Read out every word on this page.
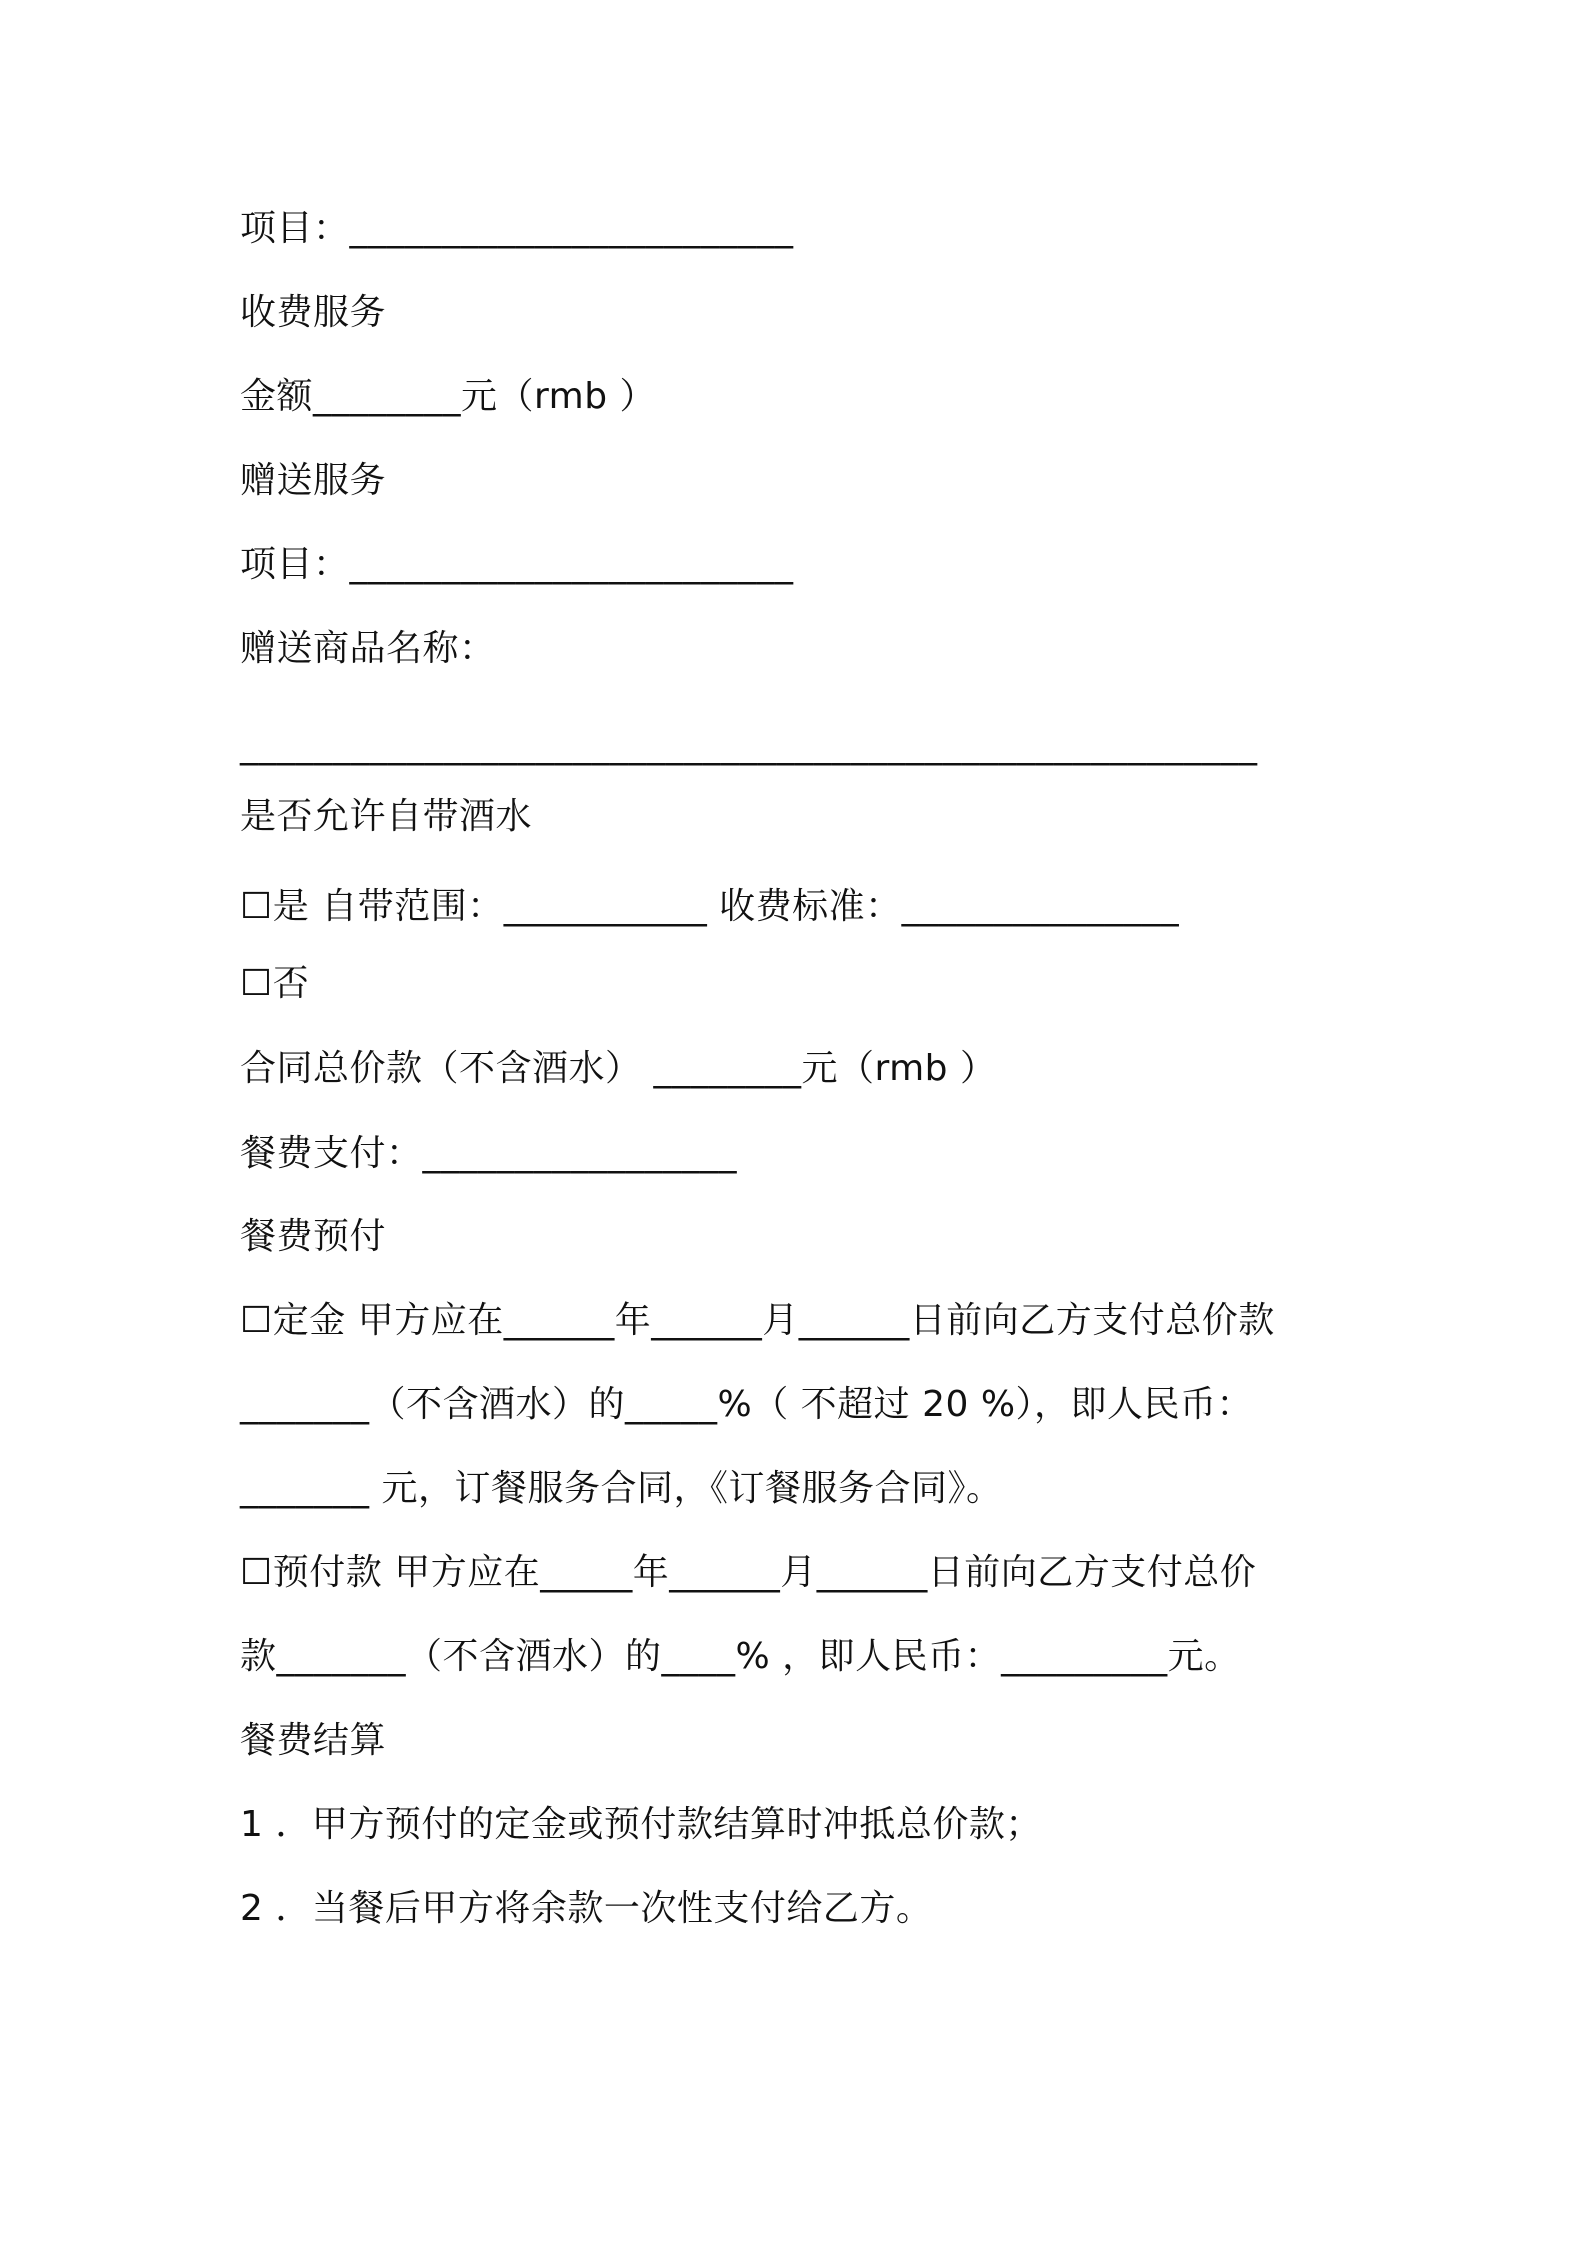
项目：________________________
收费服务
金额________元（rmb ）
赠送服务
项目：________________________
赠送商品名称：
_______________________________________________________
是否允许自带酒水
☐是 自带范围：___________ 收费标准：_______________
☐否
合同总价款（不含酒水） ________元（rmb ）
餐费支付：_________________
餐费预付
☐定金 甲方应在______年______月______日前向乙方支付总价款
_______（不含酒水）的_____%（ 不超过 20 %），即人民币：
_______ 元，订餐服务合同，《订餐服务合同》。
☐预付款 甲方应在_____年______月______日前向乙方支付总价
款_______（不含酒水）的____% ，即人民币：_________元。
餐费结算
1 ．甲方预付的定金或预付款结算时冲抵总价款；
2 ．当餐后甲方将余款一次性支付给乙方。
